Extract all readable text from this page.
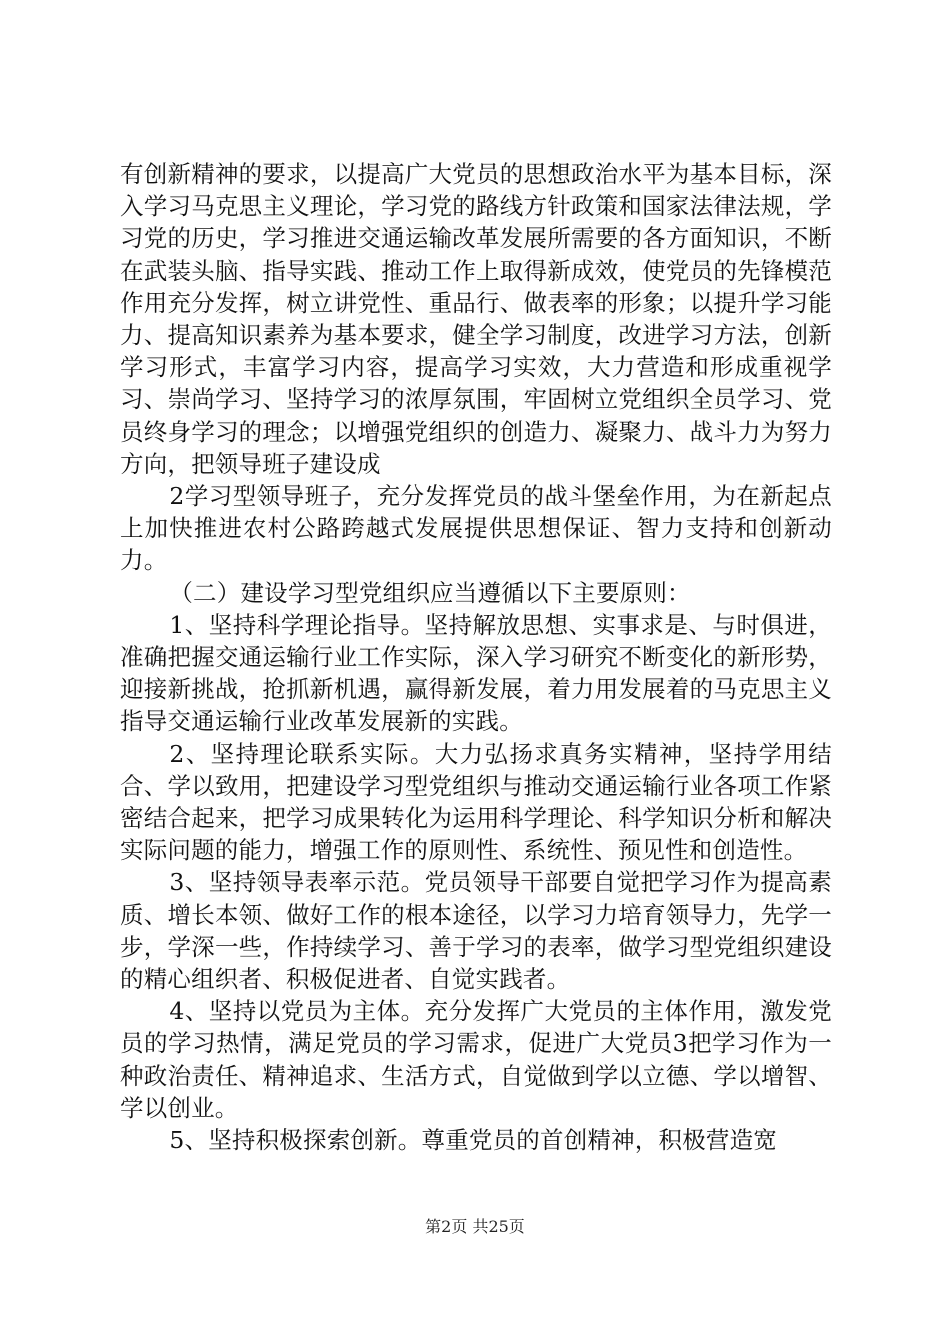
有创新精神的要求，以提高广大党员的思想政治水平为基本目标，深入学习马克思主义理论，学习党的路线方针政策和国家法律法规，学习党的历史，学习推进交通运输改革发展所需要的各方面知识，不断在武装头脑、指导实践、推动工作上取得新成效，使党员的先锋模范作用充分发挥，树立讲党性、重品行、做表率的形象；以提升学习能力、提高知识素养为基本要求，健全学习制度，改进学习方法，创新学习形式，丰富学习内容，提高学习实效，大力营造和形成重视学习、崇尚学习、坚持学习的浓厚氛围，牢固树立党组织全员学习、党员终身学习的理念；以增强党组织的创造力、凝聚力、战斗力为努力方向，把领导班子建设成

2学习型领导班子，充分发挥党员的战斗堡垒作用，为在新起点上加快推进农村公路跨越式发展提供思想保证、智力支持和创新动力。

（二）建设学习型党组织应当遵循以下主要原则：

1、坚持科学理论指导。坚持解放思想、实事求是、与时俱进，准确把握交通运输行业工作实际，深入学习研究不断变化的新形势，迎接新挑战，抢抓新机遇，赢得新发展，着力用发展着的马克思主义指导交通运输行业改革发展新的实践。

2、坚持理论联系实际。大力弘扬求真务实精神，坚持学用结合、学以致用，把建设学习型党组织与推动交通运输行业各项工作紧密结合起来，把学习成果转化为运用科学理论、科学知识分析和解决实际问题的能力，增强工作的原则性、系统性、预见性和创造性。

3、坚持领导表率示范。党员领导干部要自觉把学习作为提高素质、增长本领、做好工作的根本途径，以学习力培育领导力，先学一步，学深一些，作持续学习、善于学习的表率，做学习型党组织建设的精心组织者、积极促进者、自觉实践者。

4、坚持以党员为主体。充分发挥广大党员的主体作用，激发党员的学习热情，满足党员的学习需求，促进广大党员3把学习作为一种政治责任、精神追求、生活方式，自觉做到学以立德、学以增智、学以创业。

5、坚持积极探索创新。尊重党员的首创精神，积极营造宽

第2页 共25页
